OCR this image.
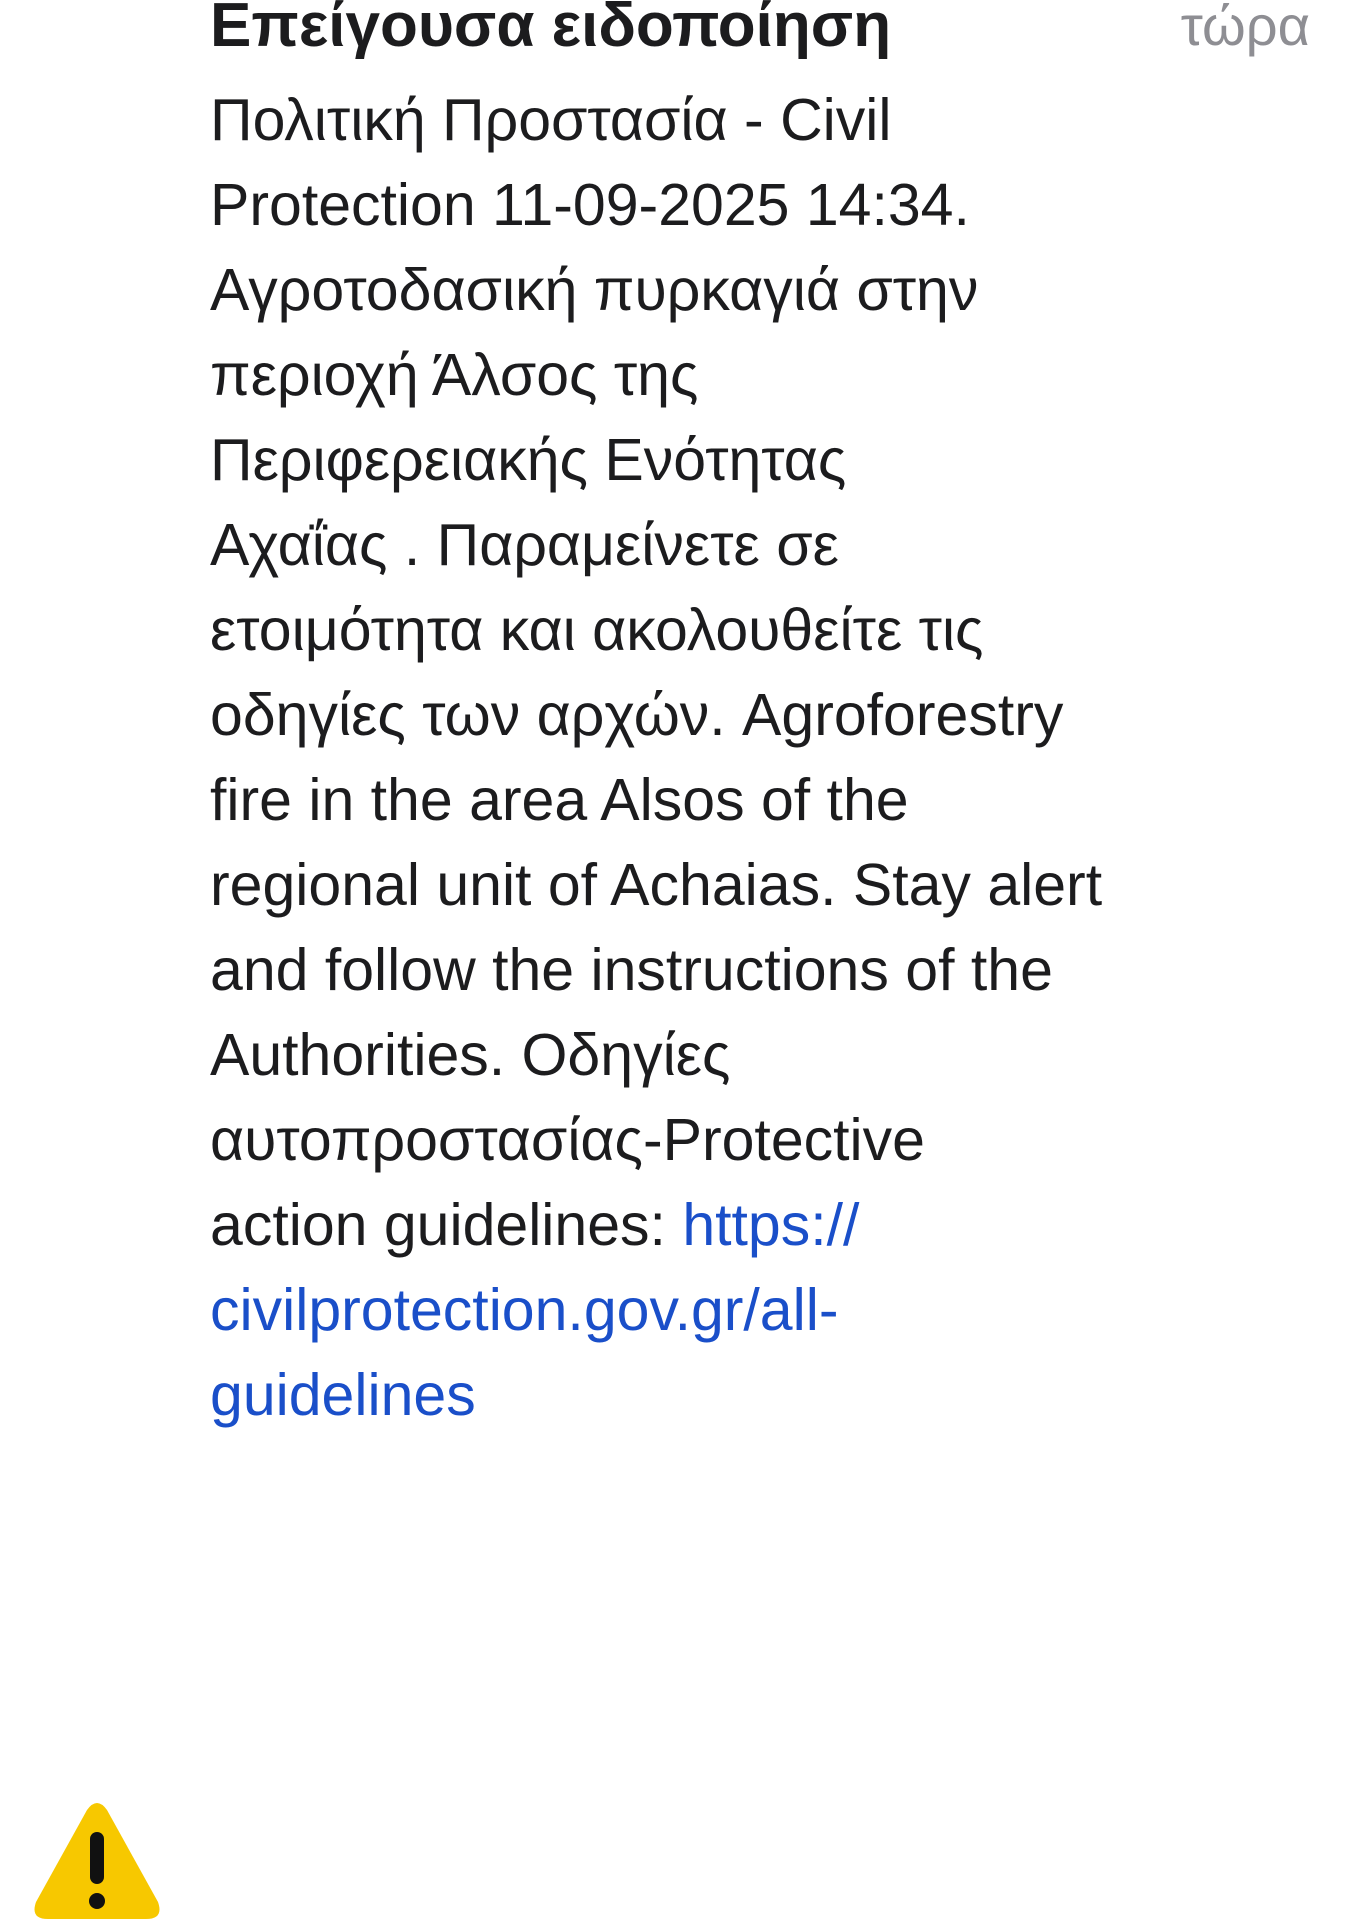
Επείγουσα ειδοποίηση	τώρα
Πολιτική Προστασία - Civil
Protection 11-09-2025 14:34.
Αγροτοδασική πυρκαγιά στην
περιοχή Άλσος της
Περιφερειακής Ενότητας
Αχαΐας . Παραμείνετε σε
ετοιμότητα και ακολουθείτε τις
οδηγίες των αρχών. Agroforestry
fire in the area Alsos of the
regional unit of Achaias. Stay alert
and follow the instructions of the
Authorities. Οδηγίες
αυτοπροστασίας-Protective
action guidelines: https://
civilprotection.gov.gr/all-
guidelines
